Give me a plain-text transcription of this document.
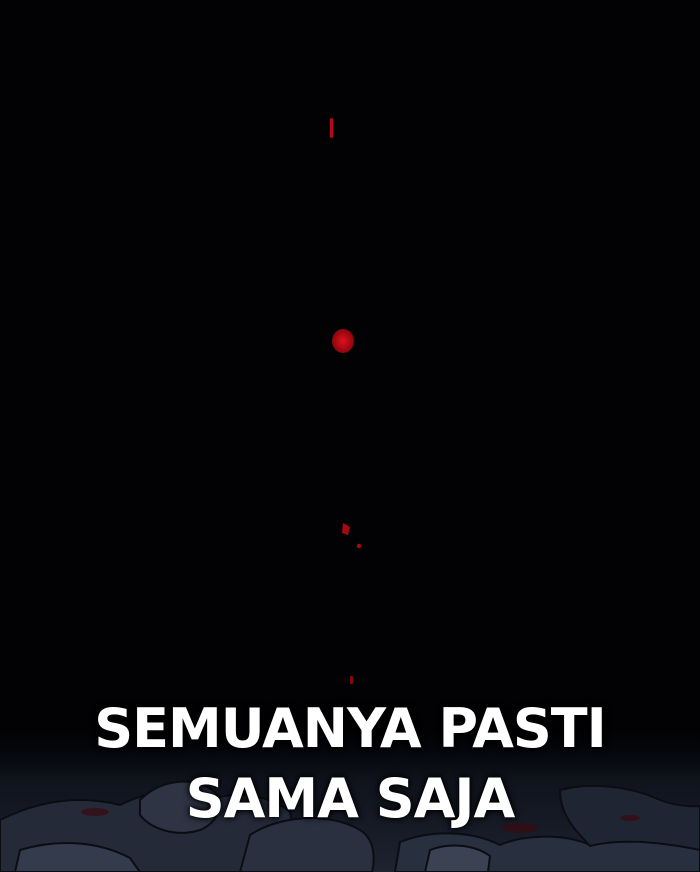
SEMUANYA PASTI
SAMA SAJA
